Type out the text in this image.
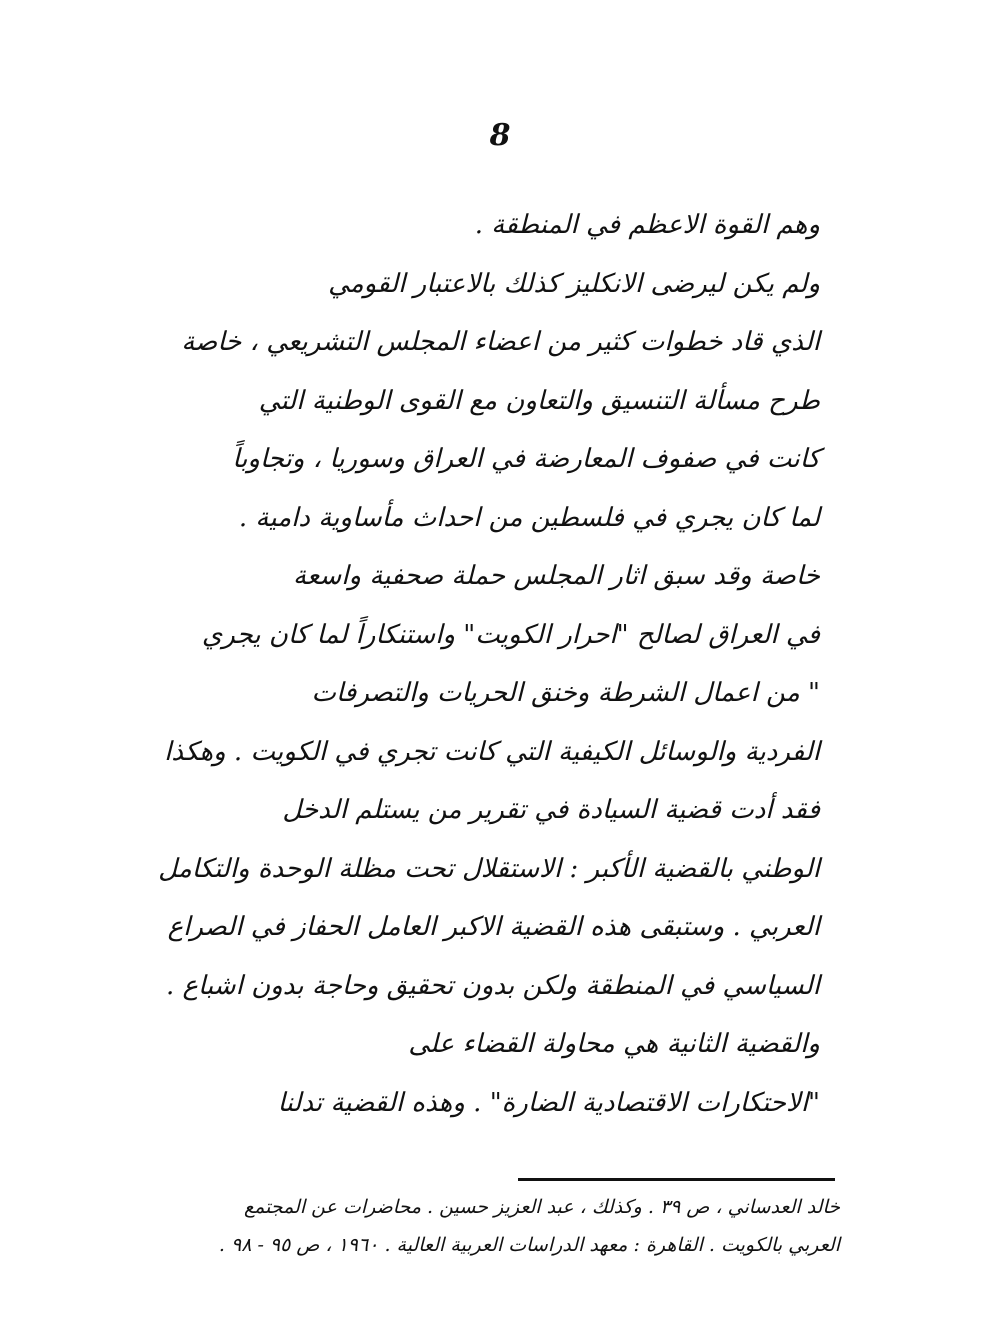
8
وهم القوة الاعظم في المنطقة .
ولم يكن ليرضى الانكليز كذلك بالاعتبار القومي
الذي قاد خطوات كثير من اعضاء المجلس التشريعي ، خاصة
طرح مسألة التنسيق والتعاون مع القوى الوطنية التي
كانت في صفوف المعارضة في العراق وسوريا ، وتجاوباً
لما كان يجري في فلسطين من احداث مأساوية دامية .
خاصة وقد سبق اثار المجلس حملة صحفية واسعة
في العراق لصالح "احرار الكويت" واستنكاراً لما كان يجري
" من اعمال الشرطة وخنق الحريات والتصرفات
الفردية والوسائل الكيفية التي كانت تجري في الكويت . وهكذا
فقد أدت قضية السيادة في تقرير من يستلم الدخل
الوطني بالقضية الأكبر : الاستقلال تحت مظلة الوحدة والتكامل
العربي . وستبقى هذه القضية الاكبر العامل الحفاز في الصراع
السياسي في المنطقة ولكن بدون تحقيق وحاجة بدون اشباع .
والقضية الثانية هي محاولة القضاء على
"الاحتكارات الاقتصادية الضارة" . وهذه القضية تدلنا
خالد العدساني ، ص ٣٩ . وكذلك ، عبد العزيز حسين . محاضرات عن المجتمع
العربي بالكويت . القاهرة : معهد الدراسات العربية العالية . ١٩٦٠ ، ص ٩٥ - ٩٨ .
